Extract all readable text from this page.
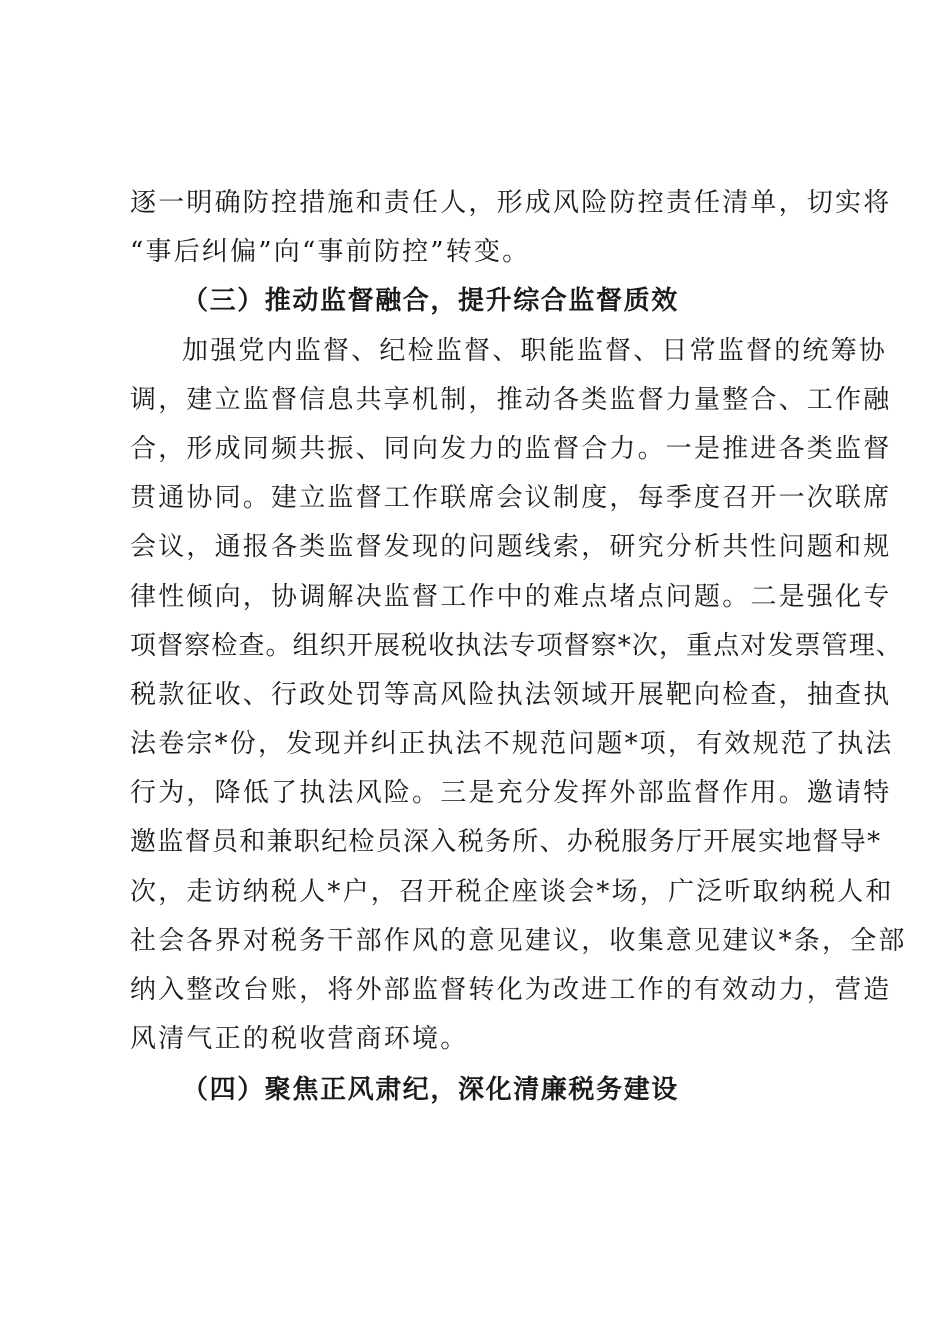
逐一明确防控措施和责任人，形成风险防控责任清单，切实将
“事后纠偏”向“事前防控”转变。
（三）推动监督融合，提升综合监督质效
加强党内监督、纪检监督、职能监督、日常监督的统筹协
调，建立监督信息共享机制，推动各类监督力量整合、工作融
合，形成同频共振、同向发力的监督合力。一是推进各类监督
贯通协同。建立监督工作联席会议制度，每季度召开一次联席
会议，通报各类监督发现的问题线索，研究分析共性问题和规
律性倾向，协调解决监督工作中的难点堵点问题。二是强化专
项督察检查。组织开展税收执法专项督察*次，重点对发票管理、
税款征收、行政处罚等高风险执法领域开展靶向检查，抽查执
法卷宗*份，发现并纠正执法不规范问题*项，有效规范了执法
行为，降低了执法风险。三是充分发挥外部监督作用。邀请特
邀监督员和兼职纪检员深入税务所、办税服务厅开展实地督导*
次，走访纳税人*户，召开税企座谈会*场，广泛听取纳税人和
社会各界对税务干部作风的意见建议，收集意见建议*条，全部
纳入整改台账，将外部监督转化为改进工作的有效动力，营造
风清气正的税收营商环境。
（四）聚焦正风肃纪，深化清廉税务建设
